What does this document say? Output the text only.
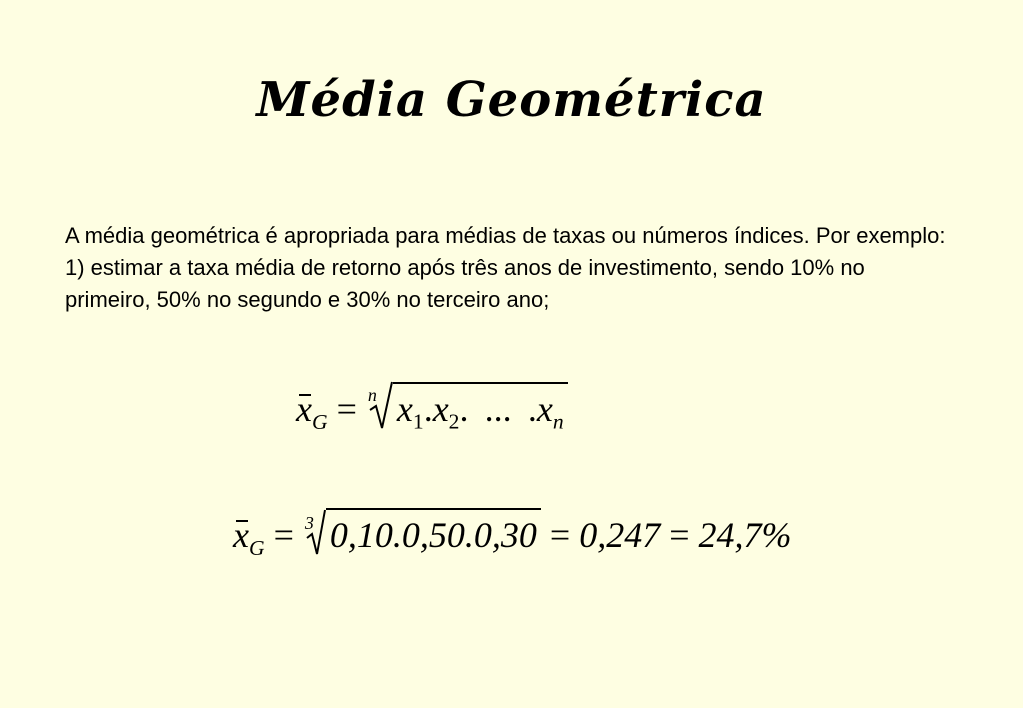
Média Geométrica

A média geométrica é apropriada para médias de taxas ou números índices. Por exemplo: 1) estimar a taxa média de retorno após três anos de investimento, sendo 10% no primeiro, 50% no segundo e 30% no terceiro ano;

$x_G = n$ $x_1.x_2$. ... $.x_n$
$x_G = 3$ 0,10.0,50.0,30 = 0,247 = 24,7%
